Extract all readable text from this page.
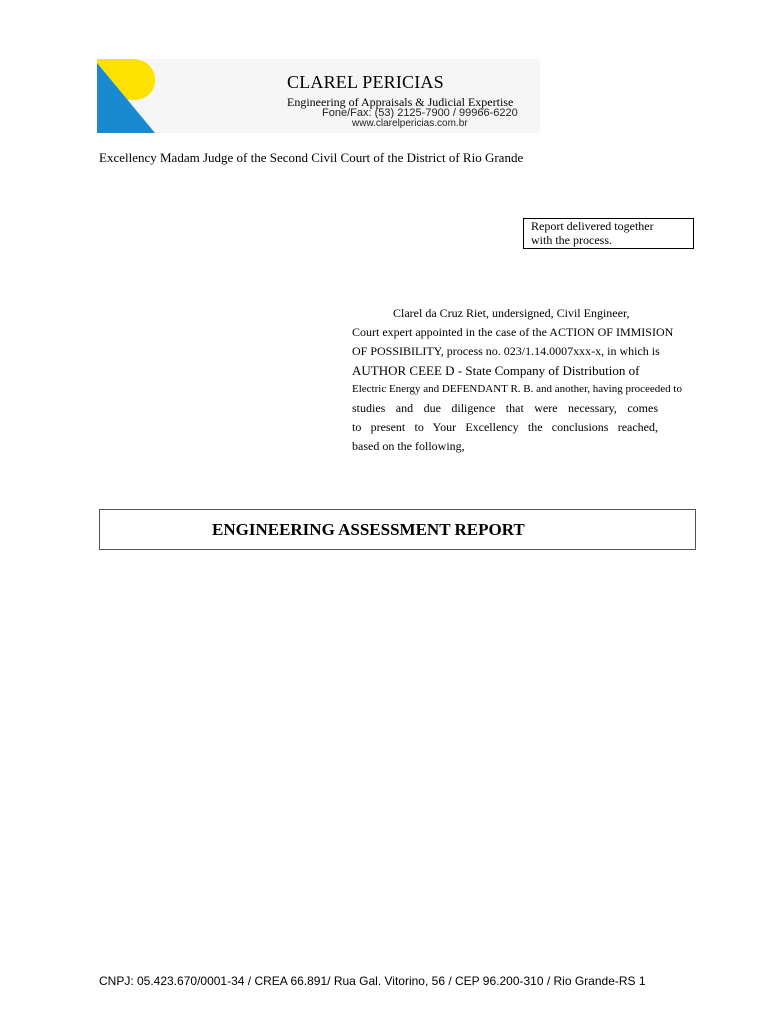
CLAREL PERICIAS
Engineering of Appraisals & Judicial Expertise
Fone/Fax: (53) 2125-7900 / 99966-6220
www.clarelpericias.com.br
Excellency Madam Judge of the Second Civil Court of the District of Rio Grande
Report delivered together
with the process.
Clarel da Cruz Riet, undersigned, Civil Engineer,
Court expert appointed in the case of the ACTION OF IMMISION
OF POSSIBILITY, process no. 023/1.14.0007xxx-x, in which is
AUTHOR CEEE D - State Company of Distribution of
Electric Energy and DEFENDANT R. B. and another, having proceeded to
studies and due diligence that were necessary, comes
to present to Your Excellency the conclusions reached,
based on the following,
ENGINEERING ASSESSMENT REPORT
CNPJ: 05.423.670/0001-34 / CREA 66.891/ Rua Gal. Vitorino, 56 / CEP 96.200-310 / Rio Grande-RS 1
